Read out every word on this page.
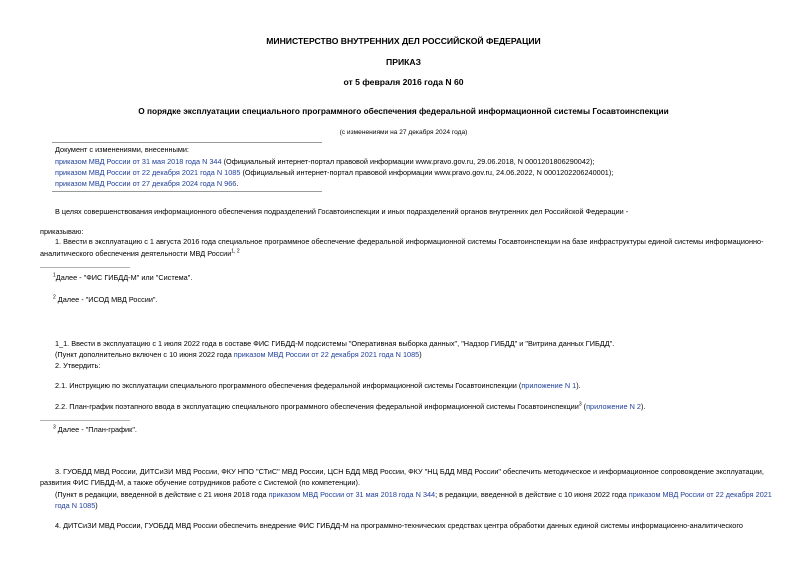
МИНИСТЕРСТВО ВНУТРЕННИХ ДЕЛ РОССИЙСКОЙ ФЕДЕРАЦИИ
ПРИКАЗ
от 5 февраля 2016 года N 60
О порядке эксплуатации специального программного обеспечения федеральной информационной системы Госавтоинспекции
(с изменениями на 27 декабря 2024 года)
Документ с изменениями, внесенными:
приказом МВД России от 31 мая 2018 года N 344 (Официальный интернет-портал правовой информации www.pravo.gov.ru, 29.06.2018, N 0001201806290042);
приказом МВД России от 22 декабря 2021 года N 1085 (Официальный интернет-портал правовой информации www.pravo.gov.ru, 24.06.2022, N 0001202206240001);
приказом МВД России от 27 декабря 2024 года N 966.
В целях совершенствования информационного обеспечения подразделений Госавтоинспекции и иных подразделений органов внутренних дел Российской Федерации -
приказываю:
1. Ввести в эксплуатацию с 1 августа 2016 года специальное программное обеспечение федеральной информационной системы Госавтоинспекции на базе инфраструктуры единой системы информационно-
аналитического обеспечения деятельности МВД России$^{1, 2}$
$^1$Далее - "ФИС ГИБДД-М" или "Система".
$^2$ Далее - "ИСОД МВД России".
1_1. Ввести в эксплуатацию с 1 июля 2022 года в составе ФИС ГИБДД-М подсистемы "Оперативная выборка данных", "Надзор ГИБДД" и "Витрина данных ГИБДД".
(Пункт дополнительно включен с 10 июня 2022 года приказом МВД России от 22 декабря 2021 года N 1085)
2. Утвердить:
2.1. Инструкцию по эксплуатации специального программного обеспечения федеральной информационной системы Госавтоинспекции (приложение N 1).
2.2. План-график поэтапного ввода в эксплуатацию специального программного обеспечения федеральной информационной системы Госавтоинспекции$^3$ (приложение N 2).
$^3$ Далее - "План-график".
3. ГУОБДД МВД России, ДИТСиЗИ МВД России, ФКУ НПО "СТиС" МВД России, ЦСН БДД МВД России, ФКУ "НЦ БДД МВД России" обеспечить методическое и информационное сопровождение эксплуатации,
развития ФИС ГИБДД-М, а также обучение сотрудников работе с Системой (по компетенции).
(Пункт в редакции, введенной в действие с 21 июня 2018 года приказом МВД России от 31 мая 2018 года N 344; в редакции, введенной в действие с 10 июня 2022 года приказом МВД России от 22 декабря 2021
года N 1085)
4. ДИТСиЗИ МВД России, ГУОБДД МВД России обеспечить внедрение ФИС ГИБДД-М на программно-технических средствах центра обработки данных единой системы информационно-аналитического
